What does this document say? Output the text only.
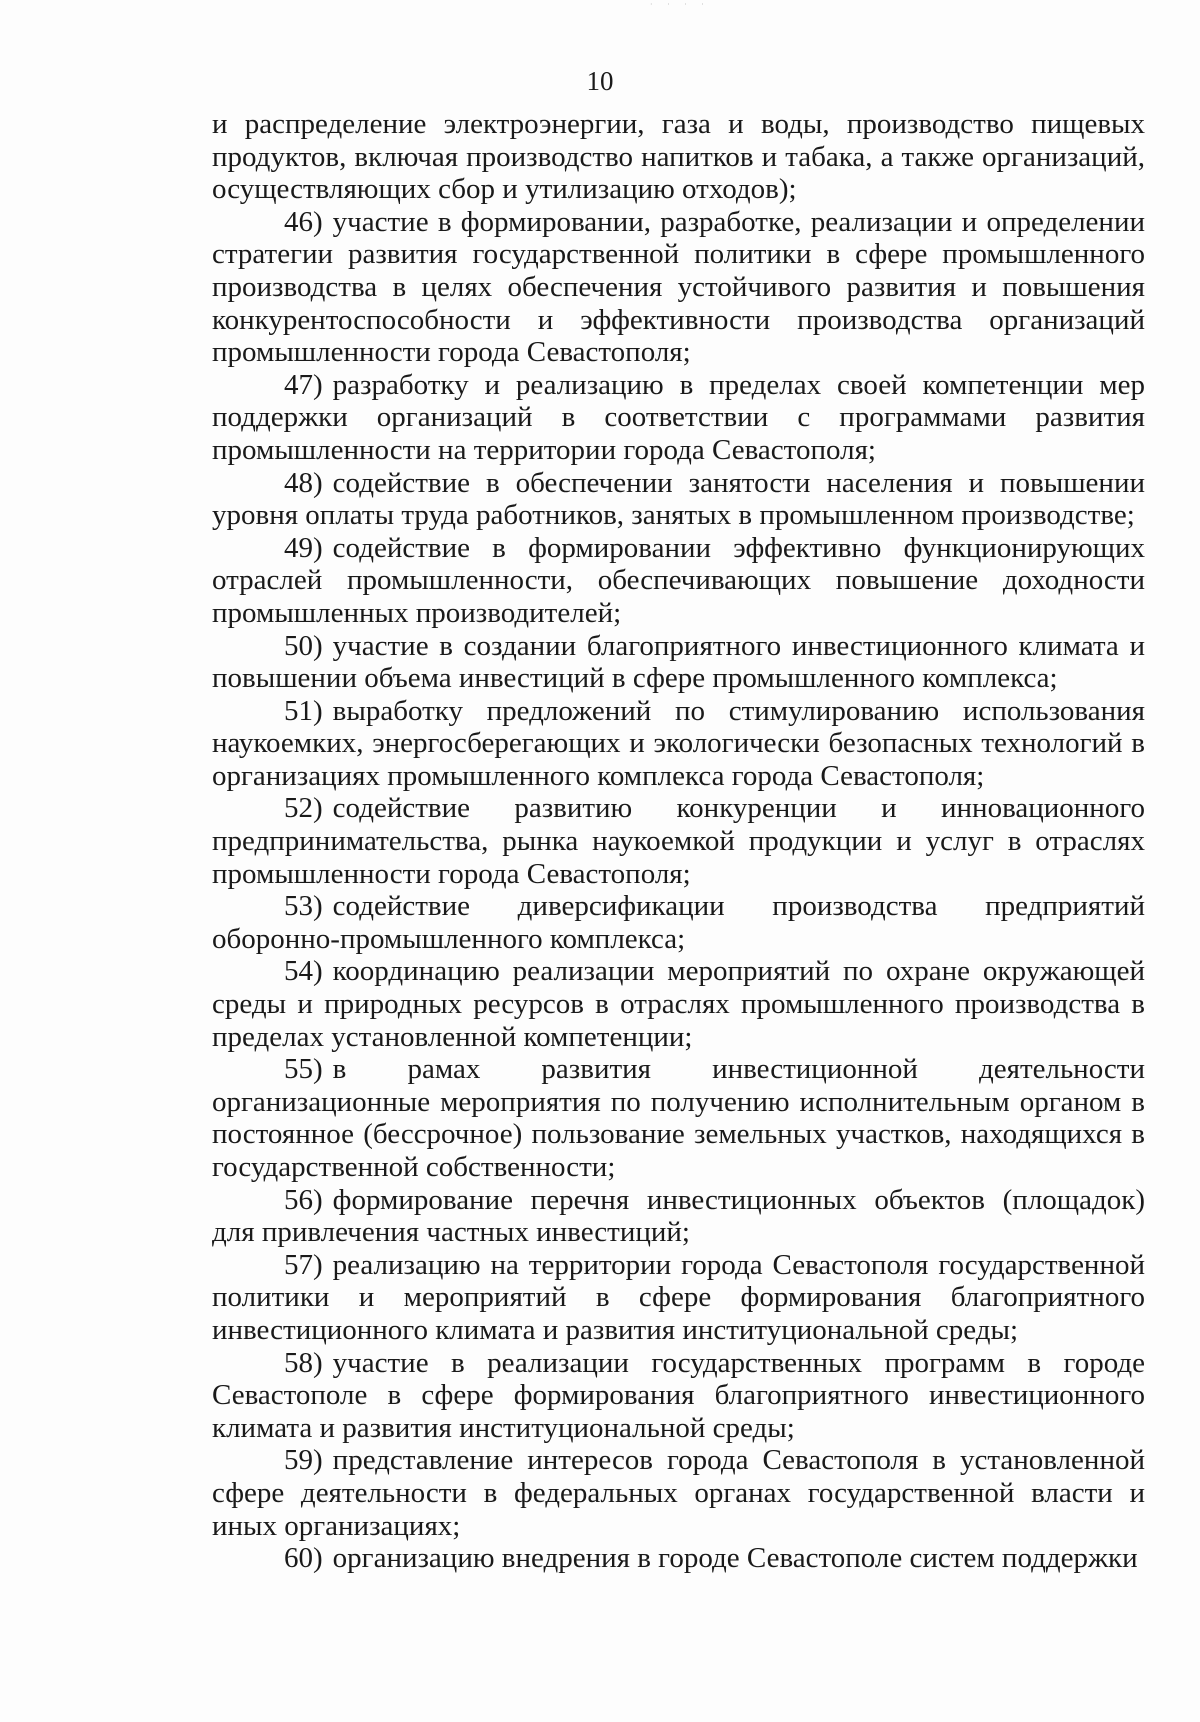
· · · ·
10

и распределение электроэнергии, газа и воды, производство пищевых продуктов, включая производство напитков и табака, а также организаций, осуществляющих сбор и утилизацию отходов);

46) участие в формировании, разработке, реализации и определении стратегии развития государственной политики в сфере промышленного производства в целях обеспечения устойчивого развития и повышения конкурентоспособности и эффективности производства организаций промышленности города Севастополя;

47) разработку и реализацию в пределах своей компетенции мер поддержки организаций в соответствии с программами развития промышленности на территории города Севастополя;

48) содействие в обеспечении занятости населения и повышении уровня оплаты труда работников, занятых в промышленном производстве;

49) содействие в формировании эффективно функционирующих отраслей промышленности, обеспечивающих повышение доходности промышленных производителей;

50) участие в создании благоприятного инвестиционного климата и повышении объема инвестиций в сфере промышленного комплекса;

51) выработку предложений по стимулированию использования наукоемких, энергосберегающих и экологически безопасных технологий в организациях промышленного комплекса города Севастополя;

52) содействие развитию конкуренции и инновационного предпринимательства, рынка наукоемкой продукции и услуг в отраслях промышленности города Севастополя;

53) содействие диверсификации производства предприятий оборонно-промышленного комплекса;

54) координацию реализации мероприятий по охране окружающей среды и природных ресурсов в отраслях промышленного производства в пределах установленной компетенции;

55) в рамах развития инвестиционной деятельности организационные мероприятия по получению исполнительным органом в постоянное (бессрочное) пользование земельных участков, находящихся в государственной собственности;

56) формирование перечня инвестиционных объектов (площадок) для привлечения частных инвестиций;

57) реализацию на территории города Севастополя государственной политики и мероприятий в сфере формирования благоприятного инвестиционного климата и развития институциональной среды;

58) участие в реализации государственных программ в городе Севастополе в сфере формирования благоприятного инвестиционного климата и развития институциональной среды;

59) представление интересов города Севастополя в установленной сфере деятельности в федеральных органах государственной власти и иных организациях;

60) организацию внедрения в городе Севастополе систем поддержки
